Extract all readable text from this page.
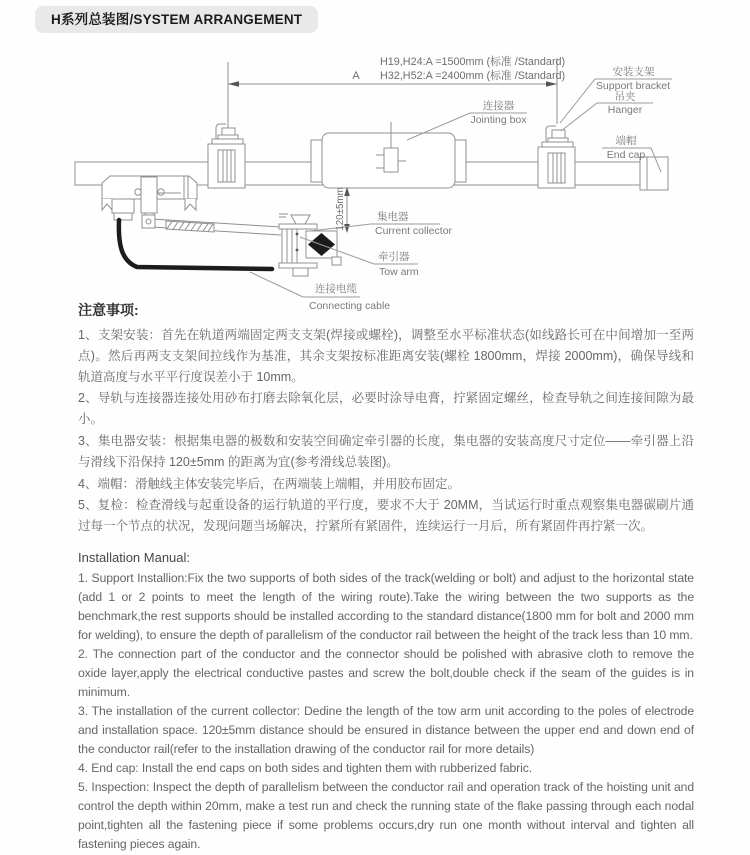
H系列总装图/SYSTEM ARRANGEMENT
H19,H24:A =1500mm (标准 /Standard)
H32,H52:A =2400mm (标准 /Standard)
A
120±5mm
安装支架
Support bracket
吊夹
Hanger
连接器
Jointing box
端帽
End cap
集电器
Current collector
牵引器
Tow arm
连接电缆
Connecting cable
注意事项:

1、支架安装：首先在轨道两端固定两支支架(焊接或螺栓)，调整至水平标准状态(如线路长可在中间增加一至两点)。然后再两支支架间拉线作为基准，其余支架按标准距离安装(螺栓 1800mm，焊接 2000mm)，确保导线和轨道高度与水平平行度误差小于 10mm。

2、导轨与连接器连接处用砂布打磨去除氧化层，必要时涂导电膏，拧紧固定螺丝，检查导轨之间连接间隙为最小。

3、集电器安装：根据集电器的极数和安装空间确定牵引器的长度，集电器的安装高度尺寸定位——牵引器上沿与滑线下沿保持 120±5mm 的距离为宜(参考滑线总装图)。

4、端帽：滑触线主体安装完毕后，在两端装上端帽，并用胶布固定。

5、复检：检查滑线与起重设备的运行轨道的平行度，要求不大于 20MM，当试运行时重点观察集电器碳刷片通过每一个节点的状况，发现问题当场解决，拧紧所有紧固件，连续运行一月后，所有紧固件再拧紧一次。

Installation Manual:

1. Support Installion:Fix the two supports of both sides of the track(welding or bolt) and adjust to the horizontal state (add 1 or 2 points to meet the length of the wiring route).Take the wiring between the two supports as the benchmark,the rest supports should be installed according to the standard distance(1800 mm for bolt and 2000 mm for welding), to ensure the depth of parallelism of the conductor rail between the height of the track less than 10 mm.

2. The connection part of the conductor and the connector should be polished with abrasive cloth to remove the oxide layer,apply the electrical conductive pastes and screw the bolt,double check if the seam of the guides is in minimum.

3. The installation of the current collector: Dedine the length of the tow arm unit according to the poles of electrode and installation space. 120±5mm distance should be ensured in distance between the upper end and down end of the conductor rail(refer to the installation drawing of the conductor rail for more details)

4. End cap: Install the end caps on both sides and tighten them with rubberized fabric.

5. Inspection: Inspect the depth of parallelism between the conductor rail and operation track of the hoisting unit and control the depth within 20mm, make a test run and check the running state of the flake passing through each nodal point,tighten all the fastening piece if some problems occurs,dry run one month without interval and tighten all fastening pieces again.
